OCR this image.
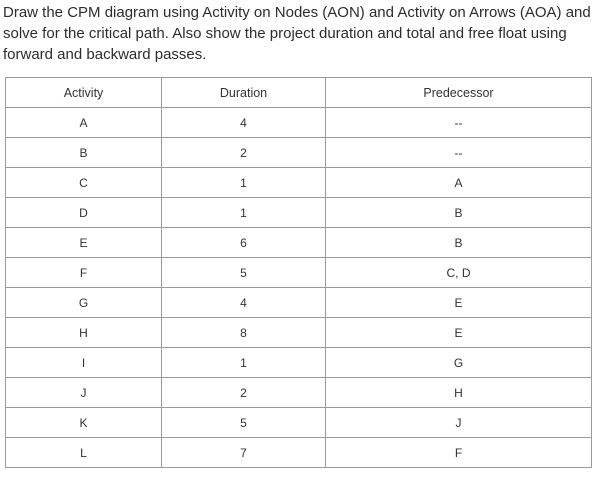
Draw the CPM diagram using Activity on Nodes (AON) and Activity on Arrows (AOA) and solve for the critical path. Also show the project duration and total and free float using forward and backward passes.

Activity	Duration	Predecessor
A	4	--
B	2	--
C	1	A
D	1	B
E	6	B
F	5	C, D
G	4	E
H	8	E
I	1	G
J	2	H
K	5	J
L	7	F
